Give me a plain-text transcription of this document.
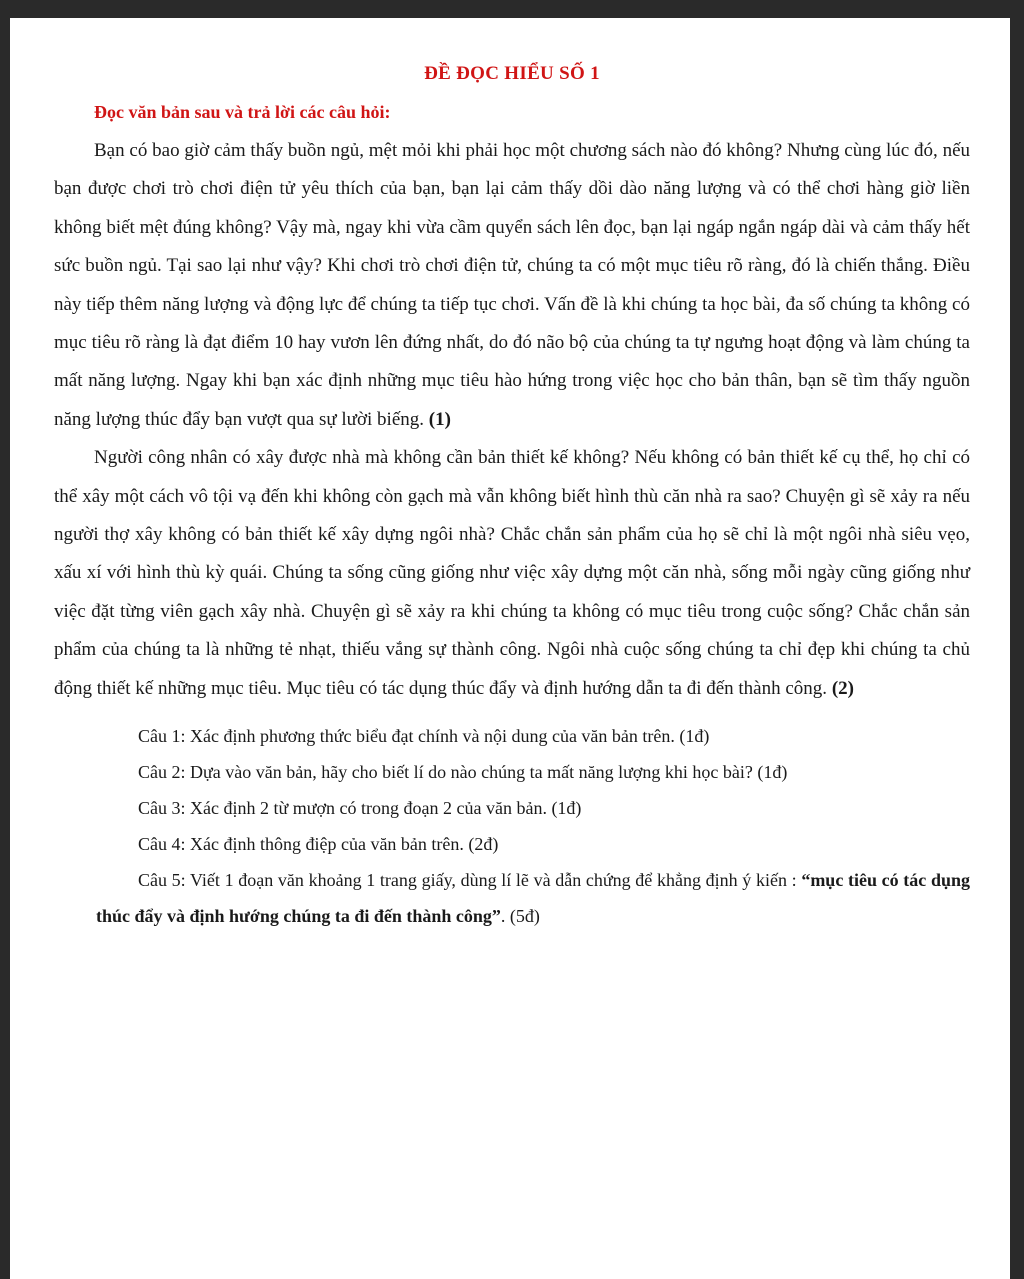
ĐỀ ĐỌC HIỂU SỐ 1
Đọc văn bản sau và trả lời các câu hỏi:

Bạn có bao giờ cảm thấy buồn ngủ, mệt mỏi khi phải học một chương sách nào đó không? Nhưng cùng lúc đó, nếu bạn được chơi trò chơi điện tử yêu thích của bạn, bạn lại cảm thấy dồi dào năng lượng và có thể chơi hàng giờ liền không biết mệt đúng không? Vậy mà, ngay khi vừa cầm quyển sách lên đọc, bạn lại ngáp ngắn ngáp dài và cảm thấy hết sức buồn ngủ. Tại sao lại như vậy? Khi chơi trò chơi điện tử, chúng ta có một mục tiêu rõ ràng, đó là chiến thắng. Điều này tiếp thêm năng lượng và động lực để chúng ta tiếp tục chơi. Vấn đề là khi chúng ta học bài, đa số chúng ta không có mục tiêu rõ ràng là đạt điểm 10 hay vươn lên đứng nhất, do đó não bộ của chúng ta tự ngưng hoạt động và làm chúng ta mất năng lượng. Ngay khi bạn xác định những mục tiêu hào hứng trong việc học cho bản thân, bạn sẽ tìm thấy nguồn năng lượng thúc đẩy bạn vượt qua sự lười biếng. (1)

Người công nhân có xây được nhà mà không cần bản thiết kế không? Nếu không có bản thiết kế cụ thể, họ chỉ có thể xây một cách vô tội vạ đến khi không còn gạch mà vẫn không biết hình thù căn nhà ra sao? Chuyện gì sẽ xảy ra nếu người thợ xây không có bản thiết kế xây dựng ngôi nhà? Chắc chắn sản phẩm của họ sẽ chỉ là một ngôi nhà siêu vẹo, xấu xí với hình thù kỳ quái. Chúng ta sống cũng giống như việc xây dựng một căn nhà, sống mỗi ngày cũng giống như việc đặt từng viên gạch xây nhà. Chuyện gì sẽ xảy ra khi chúng ta không có mục tiêu trong cuộc sống? Chắc chắn sản phẩm của chúng ta là những tẻ nhạt, thiếu vắng sự thành công. Ngôi nhà cuộc sống chúng ta chỉ đẹp khi chúng ta chủ động thiết kế những mục tiêu. Mục tiêu có tác dụng thúc đẩy và định hướng dẫn ta đi đến thành công. (2)

Câu 1: Xác định phương thức biểu đạt chính và nội dung của văn bản trên. (1đ)

Câu 2: Dựa vào văn bản, hãy cho biết lí do nào chúng ta mất năng lượng khi học bài? (1đ)

Câu 3: Xác định 2 từ mượn có trong đoạn 2 của văn bản. (1đ)

Câu 4: Xác định thông điệp của văn bản trên. (2đ)

Câu 5: Viết 1 đoạn văn khoảng 1 trang giấy, dùng lí lẽ và dẫn chứng để khẳng định ý kiến : “mục tiêu có tác dụng thúc đẩy và định hướng chúng ta đi đến thành công”. (5đ)
